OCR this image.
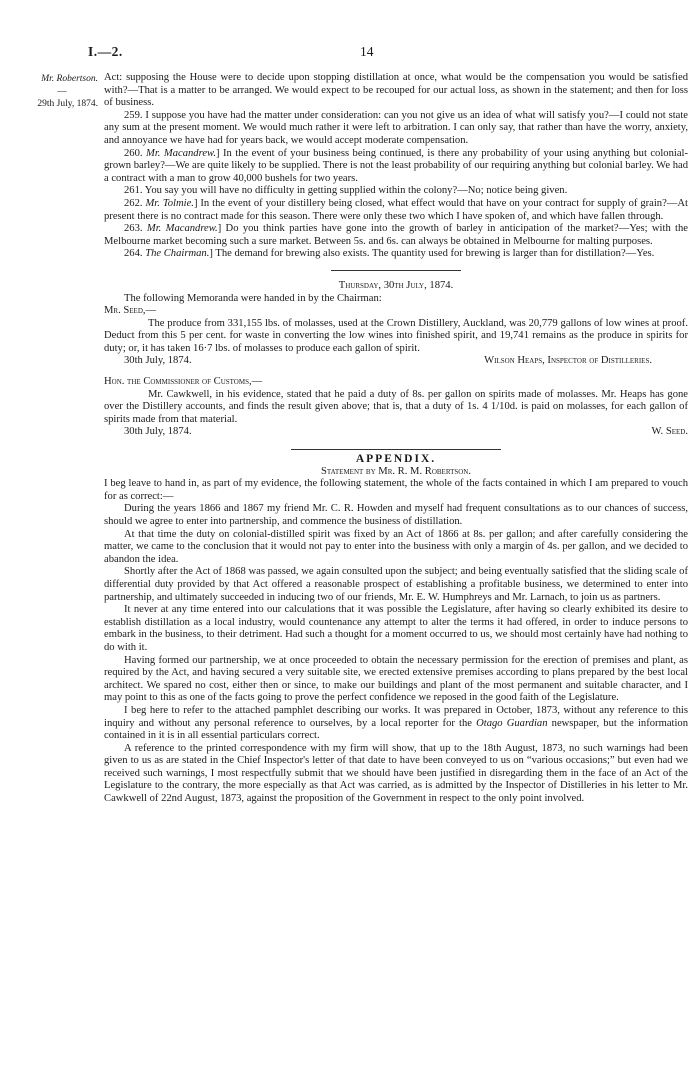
I.—2.	14
Mr. Robertson.
—
29th July, 1874.

Act: supposing the House were to decide upon stopping distillation at once, what would be the compensation you would be satisfied with?—That is a matter to be arranged. We would expect to be recouped for our actual loss, as shown in the statement; and then for loss of business.

259. I suppose you have had the matter under consideration: can you not give us an idea of what will satisfy you?—I could not state any sum at the present moment. We would much rather it were left to arbitration. I can only say, that rather than have the worry, anxiety, and annoyance we have had for years back, we would accept moderate compensation.

260. Mr. Macandrew.] In the event of your business being continued, is there any probability of your using anything but colonial-grown barley?—We are quite likely to be supplied. There is not the least probability of our requiring anything but colonial barley. We had a contract with a man to grow 40,000 bushels for two years.

261. You say you will have no difficulty in getting supplied within the colony?—No; notice being given.

262. Mr. Tolmie.] In the event of your distillery being closed, what effect would that have on your contract for supply of grain?—At present there is no contract made for this season. There were only these two which I have spoken of, and which have fallen through.

263. Mr. Macandrew.] Do you think parties have gone into the growth of barley in anticipation of the market?—Yes; with the Melbourne market becoming such a sure market. Between 5s. and 6s. can always be obtained in Melbourne for malting purposes.

264. The Chairman.] The demand for brewing also exists. The quantity used for brewing is larger than for distillation?—Yes.

Thursday, 30th July, 1874.

The following Memoranda were handed in by the Chairman:

Mr. Seed,—

The produce from 331,155 lbs. of molasses, used at the Crown Distillery, Auckland, was 20,779 gallons of low wines at proof. Deduct from this 5 per cent. for waste in converting the low wines into finished spirit, and 19,741 remains as the produce in spirits for duty; or, it has taken 16·7 lbs. of molasses to produce each gallon of spirit.

30th July, 1874.	Wilson Heaps, Inspector of Distilleries.

Hon. the Commissioner of Customs,—

Mr. Cawkwell, in his evidence, stated that he paid a duty of 8s. per gallon on spirits made of molasses. Mr. Heaps has gone over the Distillery accounts, and finds the result given above; that is, that a duty of 1s. 4 1/10d. is paid on molasses, for each gallon of spirits made from that material.

30th July, 1874.	W. Seed.

APPENDIX.

Statement by Mr. R. M. Robertson.

I beg leave to hand in, as part of my evidence, the following statement, the whole of the facts contained in which I am prepared to vouch for as correct:—

During the years 1866 and 1867 my friend Mr. C. R. Howden and myself had frequent consultations as to our chances of success, should we agree to enter into partnership, and commence the business of distillation.

At that time the duty on colonial-distilled spirit was fixed by an Act of 1866 at 8s. per gallon; and after carefully considering the matter, we came to the conclusion that it would not pay to enter into the business with only a margin of 4s. per gallon, and we decided to abandon the idea.

Shortly after the Act of 1868 was passed, we again consulted upon the subject; and being eventually satisfied that the sliding scale of differential duty provided by that Act offered a reasonable prospect of establishing a profitable business, we determined to enter into partnership, and ultimately succeeded in inducing two of our friends, Mr. E. W. Humphreys and Mr. Larnach, to join us as partners.

It never at any time entered into our calculations that it was possible the Legislature, after having so clearly exhibited its desire to establish distillation as a local industry, would countenance any attempt to alter the terms it had offered, in order to induce persons to embark in the business, to their detriment. Had such a thought for a moment occurred to us, we should most certainly have had nothing to do with it.

Having formed our partnership, we at once proceeded to obtain the necessary permission for the erection of premises and plant, as required by the Act, and having secured a very suitable site, we erected extensive premises according to plans prepared by the best local architect. We spared no cost, either then or since, to make our buildings and plant of the most permanent and suitable character, and I may point to this as one of the facts going to prove the perfect confidence we reposed in the good faith of the Legislature.

I beg here to refer to the attached pamphlet describing our works. It was prepared in October, 1873, without any reference to this inquiry and without any personal reference to ourselves, by a local reporter for the Otago Guardian newspaper, but the information contained in it is in all essential particulars correct.

A reference to the printed correspondence with my firm will show, that up to the 18th August, 1873, no such warnings had been given to us as are stated in the Chief Inspector's letter of that date to have been conveyed to us on “various occasions;” but even had we received such warnings, I most respectfully submit that we should have been justified in disregarding them in the face of an Act of the Legislature to the contrary, the more especially as that Act was carried, as is admitted by the Inspector of Distilleries in his letter to Mr. Cawkwell of 22nd August, 1873, against the proposition of the Government in respect to the only point involved.
